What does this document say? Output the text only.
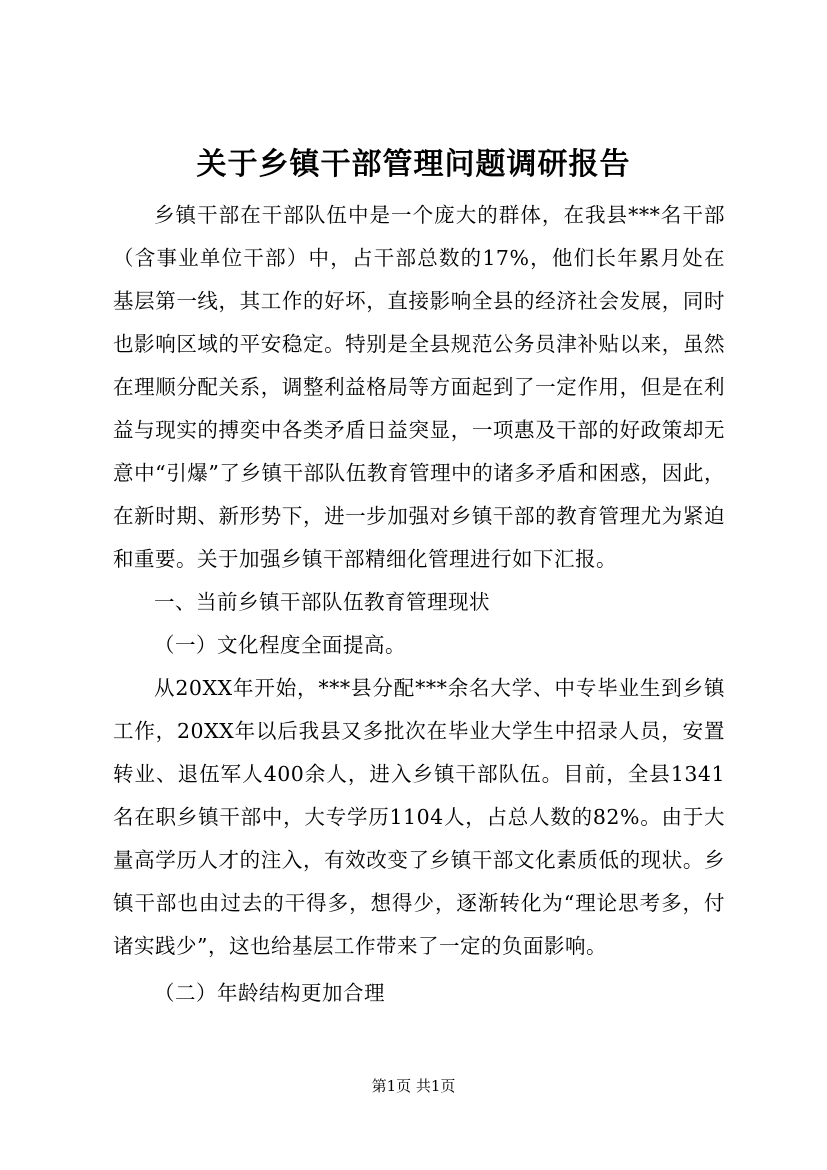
关于乡镇干部管理问题调研报告

乡镇干部在干部队伍中是一个庞大的群体，在我县***名干部（含事业单位干部）中，占干部总数的17%，他们长年累月处在基层第一线，其工作的好坏，直接影响全县的经济社会发展，同时也影响区域的平安稳定。特别是全县规范公务员津补贴以来，虽然在理顺分配关系，调整利益格局等方面起到了一定作用，但是在利益与现实的搏奕中各类矛盾日益突显，一项惠及干部的好政策却无意中“引爆”了乡镇干部队伍教育管理中的诸多矛盾和困惑，因此，在新时期、新形势下，进一步加强对乡镇干部的教育管理尤为紧迫和重要。关于加强乡镇干部精细化管理进行如下汇报。

一、当前乡镇干部队伍教育管理现状

（一）文化程度全面提高。

从20XX年开始，***县分配***余名大学、中专毕业生到乡镇工作，20XX年以后我县又多批次在毕业大学生中招录人员，安置转业、退伍军人400余人，进入乡镇干部队伍。目前，全县1341名在职乡镇干部中，大专学历1104人，占总人数的82%。由于大量高学历人才的注入，有效改变了乡镇干部文化素质低的现状。乡镇干部也由过去的干得多，想得少，逐渐转化为“理论思考多，付诸实践少”，这也给基层工作带来了一定的负面影响。

（二）年龄结构更加合理

第1页 共1页
